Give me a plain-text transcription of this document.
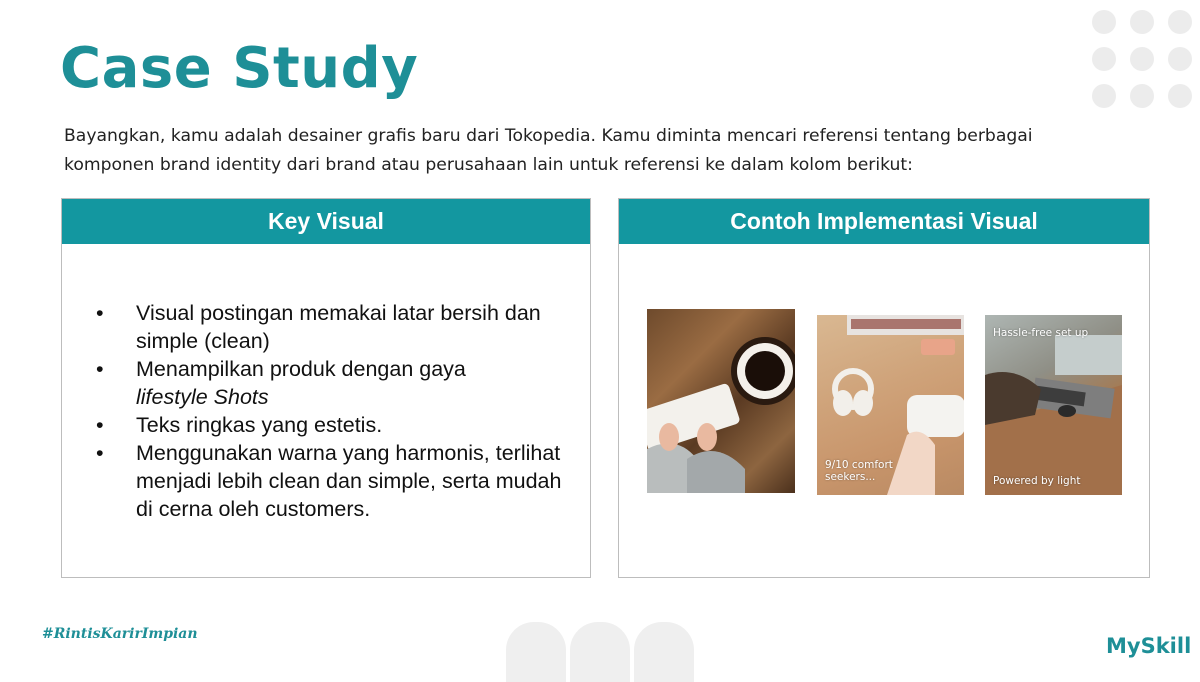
Case Study
Bayangkan, kamu adalah desainer grafis baru dari Tokopedia. Kamu diminta mencari referensi tentang berbagai komponen brand identity dari brand atau perusahaan lain untuk referensi ke dalam kolom berikut:
Key Visual
• Visual postingan memakai latar bersih dan simple (clean)
• Menampilkan produk dengan gaya
lifestyle Shots
• Teks ringkas yang estetis.
• Menggunakan warna yang harmonis, terlihat menjadi lebih clean dan simple, serta mudah di cerna oleh customers.
Contoh Implementasi Visual
9/10 comfort seekers...
Hassle-free set up
Powered by light
#RintisKarirImpian	MySkill
